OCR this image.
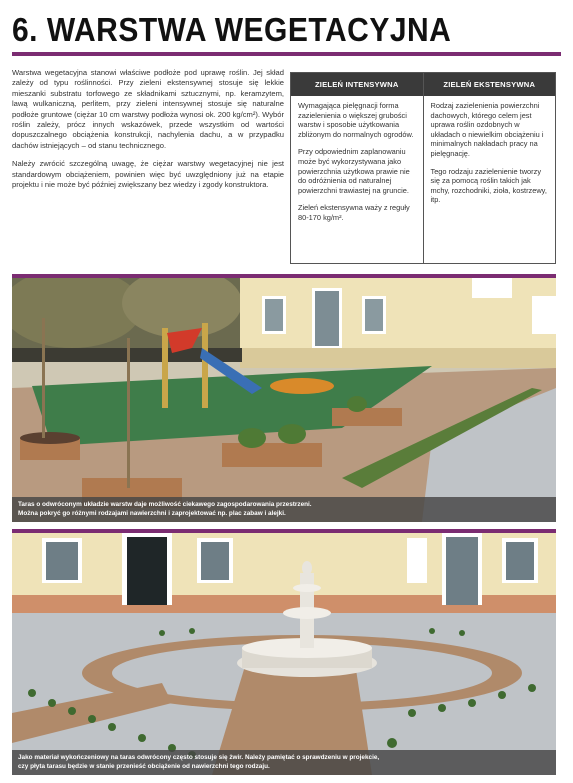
6. WARSTWA WEGETACYJNA

Warstwa wegetacyjna stanowi właściwe podłoże pod uprawę roślin. Jej skład zależy od typu roślinności. Przy zieleni ekstensywnej stosuje się lekkie mieszanki substratu torfowego ze składnikami sztucznymi, np. keramzytem, lawą wulkaniczną, perlitem, przy zieleni intensywnej stosuje się naturalne podłoże gruntowe (ciężar 10 cm warstwy podłoża wynosi ok. 200 kg/cm²). Wybór roślin zależy, prócz innych wskazówek, przede wszystkim od wartości dopuszczalnego obciążenia konstrukcji, nachylenia dachu, a w przypadku dachów istniejących – od stanu technicznego.

Należy zwrócić szczególną uwagę, że ciężar warstwy wegetacyjnej nie jest standardowym obciążeniem, powinien więc być uwzględniony już na etapie projektu i nie może być później zwiększany bez wiedzy i zgody konstruktora.

ZIELEŃ INTENSYWNA

Wymagająca pielęgnacji forma zazielenienia o większej grubości warstw i sposobie użytkowania zbliżonym do normalnych ogrodów.

Przy odpowiednim zaplanowaniu może być wykorzystywana jako powierzchnia użytkowa prawie nie do odróżnienia od naturalnej powierzchni trawiastej na gruncie.

Zieleń ekstensywna waży z reguły 80-170 kg/m².

ZIELEŃ EKSTENSYWNA

Rodzaj zazielenienia powierzchni dachowych, którego celem jest uprawa roślin ozdobnych w układach o niewielkim obciążeniu i minimalnych nakładach pracy na pielęgnację.

Tego rodzaju zazielenienie tworzy się za pomocą roślin takich jak mchy, rozchodniki, zioła, kostrzewy, itp.

Taras o odwróconym układzie warstw daje możliwość ciekawego zagospodarowania przestrzeni.
Można pokryć go różnymi rodzajami nawierzchni i zaprojektować np. plac zabaw i alejki.
Jako materiał wykończeniowy na taras odwrócony często stosuje się żwir. Należy pamiętać o sprawdzeniu w projekcie,
czy płyta tarasu będzie w stanie przenieść obciążenie od nawierzchni tego rodzaju.
